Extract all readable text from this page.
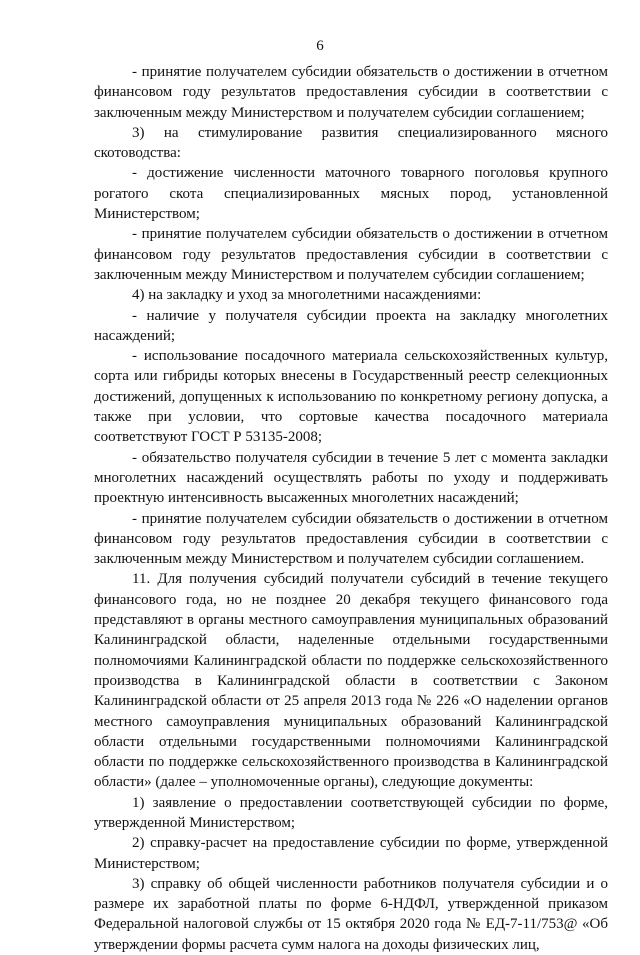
6

- принятие получателем субсидии обязательств о достижении в отчетном финансовом году результатов предоставления субсидии в соответствии с заключенным между Министерством и получателем субсидии соглашением;

3) на стимулирование развития специализированного мясного скотоводства:

- достижение численности маточного товарного поголовья крупного рогатого скота специализированных мясных пород, установленной Министерством;

- принятие получателем субсидии обязательств о достижении в отчетном финансовом году результатов предоставления субсидии в соответствии с заключенным между Министерством и получателем субсидии соглашением;

4) на закладку и уход за многолетними насаждениями:

- наличие у получателя субсидии проекта на закладку многолетних насаждений;

- использование посадочного материала сельскохозяйственных культур, сорта или гибриды которых внесены в Государственный реестр селекционных достижений, допущенных к использованию по конкретному региону допуска, а также при условии, что сортовые качества посадочного материала соответствуют ГОСТ Р 53135-2008;

- обязательство получателя субсидии в течение 5 лет с момента закладки многолетних насаждений осуществлять работы по уходу и поддерживать проектную интенсивность высаженных многолетних насаждений;

- принятие получателем субсидии обязательств о достижении в отчетном финансовом году результатов предоставления субсидии в соответствии с заключенным между Министерством и получателем субсидии соглашением.

11. Для получения субсидий получатели субсидий в течение текущего финансового года, но не позднее 20 декабря текущего финансового года представляют в органы местного самоуправления муниципальных образований Калининградской области, наделенные отдельными государственными полномочиями Калининградской области по поддержке сельскохозяйственного производства в Калининградской области в соответствии с Законом Калининградской области от 25 апреля 2013 года № 226 «О наделении органов местного самоуправления муниципальных образований Калининградской области отдельными государственными полномочиями Калининградской области по поддержке сельскохозяйственного производства в Калининградской области» (далее – уполномоченные органы), следующие документы:

1) заявление о предоставлении соответствующей субсидии по форме, утвержденной Министерством;

2) справку-расчет на предоставление субсидии по форме, утвержденной Министерством;

3) справку об общей численности работников получателя субсидии и о размере их заработной платы по форме 6-НДФЛ, утвержденной приказом Федеральной налоговой службы от 15 октября 2020 года № ЕД-7-11/753@ «Об утверждении формы расчета сумм налога на доходы физических лиц,
